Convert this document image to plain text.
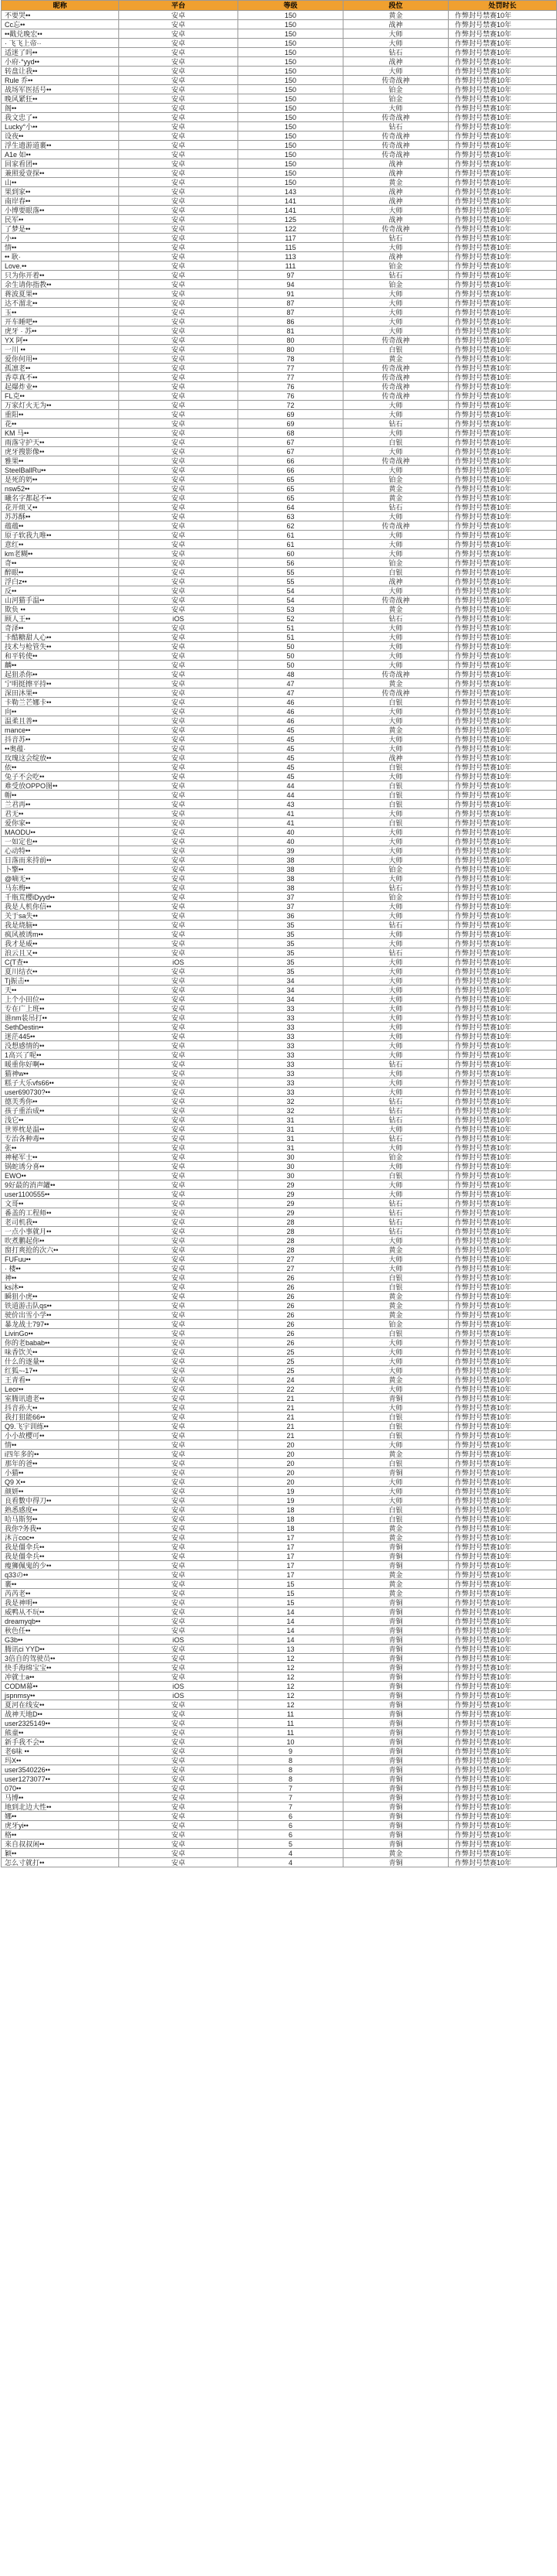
昵称	平台	等级	段位	处罚时长
不要哭••	安卓	150	黄金	作弊封号禁赛10年
Cc忘••	安卓	150	战神	作弊封号禁赛10年
••戳兑晚宏••	安卓	150	大师	作弊封号禁赛10年
· 飞飞上帝··	安卓	150	大师	作弊封号禁赛10年
适迷了吗••	安卓	150	钻石	作弊封号禁赛10年
小府·°yyd••	安卓	150	战神	作弊封号禁赛10年
转盘让我••	安卓	150	大师	作弊封号禁赛10年
Rule 乔••	安卓	150	传奇战神	作弊封号禁赛10年
战场军医括号••	安卓	150	铂金	作弊封号禁赛10年
晚风紧狂••	安卓	150	铂金	作弊封号禁赛10年
阁••	安卓	150	大师	作弊封号禁赛10年
我文忠了••	安卓	150	传奇战神	作弊封号禁赛10年
Lucky°小••	安卓	150	钻石	作弊封号禁赛10年
设夜••	安卓	150	传奇战神	作弊封号禁赛10年
浮生遗游道裹••	安卓	150	传奇战神	作弊封号禁赛10年
A1e 如••	安卓	150	传奇战神	作弊封号禁赛10年
回家看团••	安卓	150	战神	作弊封号禁赛10年
兼照爱壹探••	安卓	150	战神	作弊封号禁赛10年
山••	安卓	150	黄金	作弊封号禁赛10年
果到家••	安卓	143	战神	作弊封号禁赛10年
南岸春••	安卓	141	战神	作弊封号禁赛10年
小博要眼落••	安卓	141	大师	作弊封号禁赛10年
民军••	安卓	125	战神	作弊封号禁赛10年
了梦是••	安卓	122	传奇战神	作弊封号禁赛10年
小••	安卓	117	钻石	作弊封号禁赛10年
情••	安卓	115	大师	作弊封号禁赛10年
•• 耿·	安卓	113	战神	作弊封号禁赛10年
Love.••	安卓	111	铂金	作弊封号禁赛10年
只为你开着••	安卓	97	钻石	作弊封号禁赛10年
余生请你指教••	安卓	94	铂金	作弊封号禁赛10年
蒋波夏果••	安卓	91	大师	作弊封号禁赛10年
达不溜北••	安卓	87	大师	作弊封号禁赛10年
玉••	安卓	87	大师	作弊封号禁赛10年
开车睡吧••	安卓	86	大师	作弊封号禁赛10年
虎牙 · 苏••	安卓	81	大师	作弊封号禁赛10年
YX 阿••	安卓	80	传奇战神	作弊封号禁赛10年
一川 ••	安卓	80	白银	作弊封号禁赛10年
爱你何用••	安卓	78	黄金	作弊封号禁赛10年
孤凛老••	安卓	77	传奇战神	作弊封号禁赛10年
香草真不••	安卓	77	传奇战神	作弊封号禁赛10年
起爆炸业••	安卓	76	传奇战神	作弊封号禁赛10年
FL克••	安卓	76	传奇战神	作弊封号禁赛10年
万家灯火无为••	安卓	72	大师	作弊封号禁赛10年
重阳••	安卓	69	大师	作弊封号禁赛10年
花••	安卓	69	钻石	作弊封号禁赛10年
KM 马••	安卓	68	大师	作弊封号禁赛10年
雨落守护天••	安卓	67	白银	作弊封号禁赛10年
虎牙搜影像••	安卓	67	大师	作弊封号禁赛10年
雅果••	安卓	66	传奇战神	作弊封号禁赛10年
SteelBallRu••	安卓	66	大师	作弊封号禁赛10年
是死的奶••	安卓	65	铂金	作弊封号禁赛10年
nsw52••	安卓	65	黄金	作弊封号禁赛10年
曦名字都起不••	安卓	65	黄金	作弊封号禁赛10年
花开烦又••	安卓	64	钻石	作弊封号禁赛10年
苏苏酥••	安卓	63	大师	作弊封号禁赛10年
蕴蕴••	安卓	62	传奇战神	作弊封号禁赛10年
原子软我九唯••	安卓	61	大师	作弊封号禁赛10年
意红••	安卓	61	大师	作弊封号禁赛10年
km老糊••	安卓	60	大师	作弊封号禁赛10年
奇••	安卓	56	铂金	作弊封号禁赛10年
醉眼••	安卓	55	白银	作弊封号禁赛10年
浮白z••	安卓	55	战神	作弊封号禁赛10年
反••	安卓	54	大师	作弊封号禁赛10年
山河猫手温••	安卓	54	传奇战神	作弊封号禁赛10年
欺负 ••	安卓	53	黄金	作弊封号禁赛10年
顾人王••	iOS	52	钻石	作弊封号禁赛10年
奇泽••	安卓	51	大师	作弊封号禁赛10年
卡酷糖甜人心••	安卓	51	大师	作弊封号禁赛10年
技术与枪管失••	安卓	50	大师	作弊封号禁赛10年
和平转使••	安卓	50	大师	作弊封号禁赛10年
麟••	安卓	50	大师	作弊封号禁赛10年
起狙杀你••	安卓	48	传奇战神	作弊封号禁赛10年
宁明挺擦平持••	安卓	47	黄金	作弊封号禁赛10年
深田沐果••	安卓	47	传奇战神	作弊封号禁赛10年
卡勒兰芒娜卡••	安卓	46	白银	作弊封号禁赛10年
向••	安卓	46	大师	作弊封号禁赛10年
温柔且善••	安卓	46	大师	作弊封号禁赛10年
mance••	安卓	45	黄金	作弊封号禁赛10年
抖音苏••	安卓	45	大师	作弊封号禁赛10年
••奥蕴·	安卓	45	大师	作弊封号禁赛10年
玫瑰这会绽放••	安卓	45	战神	作弊封号禁赛10年
依••	安卓	45	白银	作弊封号禁赛10年
兔子不会吃••	安卓	45	大师	作弊封号禁赛10年
难受放OPPO图••	安卓	44	白银	作弊封号禁赛10年
帽••	安卓	44	白银	作弊封号禁赛10年
兰君再••	安卓	43	白银	作弊封号禁赛10年
君无••	安卓	41	大师	作弊封号禁赛10年
爱你家••	安卓	41	白银	作弊封号禁赛10年
MAODU••	安卓	40	大师	作弊封号禁赛10年
一如定也••	安卓	40	大师	作弊封号禁赛10年
心动特••	安卓	39	大师	作弊封号禁赛10年
日落而来持前••	安卓	38	大师	作弊封号禁赛10年
卜擎••	安卓	38	铂金	作弊封号禁赛10年
@嘀无••	安卓	38	大师	作弊封号禁赛10年
马东梅••	安卓	38	钻石	作弊封号禁赛10年
千瓶荒樱iDyyd••	安卓	37	铂金	作弊封号禁赛10年
我是人机你信••	安卓	37	大师	作弊封号禁赛10年
关于sa失••	安卓	36	大师	作弊封号禁赛10年
我是烧脑••	安卓	35	钻石	作弊封号禁赛10年
疯风被诱m••	安卓	35	大师	作弊封号禁赛10年
我才是威••	安卓	35	大师	作弊封号禁赛10年
浪云且又••	安卓	35	钻石	作弊封号禁赛10年
C{T查••	iOS	35	大师	作弊封号禁赛10年
夏川结衣••	安卓	35	大师	作弊封号禁赛10年
Tj振击••	安卓	34	大师	作弊封号禁赛10年
天••	安卓	34	大师	作弊封号禁赛10年
上个小田位••	安卓	34	大师	作弊封号禁赛10年
专在广上班••	安卓	33	大师	作弊封号禁赛10年
谁nm装吊打••	安卓	33	大师	作弊封号禁赛10年
SethDestin••	安卓	33	大师	作弊封号禁赛10年
迷茫445••	安卓	33	大师	作弊封号禁赛10年
没想感情的••	安卓	33	大师	作弊封号禁赛10年
1高兴了呢••	安卓	33	大师	作弊封号禁赛10年
暖重你好啊••	安卓	33	钻石	作弊封号禁赛10年
猫神w••	安卓	33	大师	作弊封号禁赛10年
糕子大乐vfs66••	安卓	33	大师	作弊封号禁赛10年
user690730?••	安卓	33	大师	作弊封号禁赛10年
德芙秀你••	安卓	32	钻石	作弊封号禁赛10年
孩子重治成••	安卓	32	钻石	作弊封号禁赛10年
浅它••	安卓	31	钻石	作弊封号禁赛10年
世界枕是温••	安卓	31	大师	作弊封号禁赛10年
专治各种毒••	安卓	31	钻石	作弊封号禁赛10年
张••	安卓	31	大师	作弊封号禁赛10年
神秘军士••	安卓	30	铂金	作弊封号禁赛10年
锅蛇诱分喜••	安卓	30	大师	作弊封号禁赛10年
EWO••	安卓	30	白银	作弊封号禁赛10年
9好最的消声罐••	安卓	29	大师	作弊封号禁赛10年
user1100555••	安卓	29	大师	作弊封号禁赛10年
文哥••	安卓	29	钻石	作弊封号禁赛10年
番盖的工程师••	安卓	29	钻石	作弊封号禁赛10年
老司机我••	安卓	28	钻石	作弊封号禁赛10年
一点小事就月••	安卓	28	钻石	作弊封号禁赛10年
吹煮鹏起你••	安卓	28	大师	作弊封号禁赛10年
窗打爽抢的次六••	安卓	28	黄金	作弊封号禁赛10年
FUFuu••	安卓	27	大师	作弊封号禁赛10年
· 楼••	安卓	27	大师	作弊封号禁赛10年
神••	安卓	26	白银	作弊封号禁赛10年
ks沐••	安卓	26	白银	作弊封号禁赛10年
瞬狙小虎••	安卓	26	黄金	作弊封号禁赛10年
铁道游击队qs••	安卓	26	黄金	作弊封号禁赛10年
驶价出雪小学••	安卓	26	黄金	作弊封号禁赛10年
暴龙战士797••	安卓	26	铂金	作弊封号禁赛10年
LivinGo••	安卓	26	白银	作弊封号禁赛10年
你的老babab••	安卓	26	大师	作弊封号禁赛10年
味香饮关••	安卓	25	大师	作弊封号禁赛10年
什么的逐量••	安卓	25	大师	作弊封号禁赛10年
红狐~-17••	安卓	25	大师	作弊封号禁赛10年
王青看••	安卓	24	黄金	作弊封号禁赛10年
Leor••	安卓	22	大师	作弊封号禁赛10年
室腾讯遗老••	安卓	21	青铜	作弊封号禁赛10年
抖音孙大••	安卓	21	大师	作弊封号禁赛10年
我打狙能66••	安卓	21	白银	作弊封号禁赛10年
Q9.飞宇训练••	安卓	21	白银	作弊封号禁赛10年
小小故樱可••	安卓	21	白银	作弊封号禁赛10年
情••	安卓	20	大师	作弊封号禁赛10年
i四年多的••	安卓	20	黄金	作弊封号禁赛10年
那年的爸••	安卓	20	白银	作弊封号禁赛10年
小猫••	安卓	20	青铜	作弊封号禁赛10年
Q9 X••	安卓	20	大师	作弊封号禁赛10年
颜妍••	安卓	19	大师	作弊封号禁赛10年
良看數中得刀••	安卓	19	大师	作弊封号禁赛10年
熟悉感度••	安卓	18	白银	作弊封号禁赛10年
哈马斯努••	安卓	18	白银	作弊封号禁赛10年
我你?务我••	安卓	18	黄金	作弊封号禁赛10年
沐言coc••	安卓	17	黄金	作弊封号禁赛10年
我是僵伞兵••	安卓	17	青铜	作弊封号禁赛10年
我是僵伞兵••	安卓	17	青铜	作弊封号禁赛10年
瘦狮佩鬼的少••	安卓	17	青铜	作弊封号禁赛10年
q33の••	安卓	17	黄金	作弊封号禁赛10年
裹••	安卓	15	黄金	作弊封号禁赛10年
芮芮老••	安卓	15	黄金	作弊封号禁赛10年
我是神明••	安卓	15	青铜	作弊封号禁赛10年
威鸭从不玩••	安卓	14	青铜	作弊封号禁赛10年
dreamyqb••	安卓	14	青铜	作弊封号禁赛10年
秋色任••	安卓	14	青铜	作弊封号禁赛10年
G3b••	iOS	14	青铜	作弊封号禁赛10年
腾讯ci YYD••	安卓	13	青铜	作弊封号禁赛10年
3倍自的驾驶员••	安卓	12	青铜	作弊封号禁赛10年
快手海绵宝宝••	安卓	12	青铜	作弊封号禁赛10年
冲就士a••	安卓	12	青铜	作弊封号禁赛10年
CODM幕••	iOS	12	青铜	作弊封号禁赛10年
jspnmsy••	iOS	12	青铜	作弊封号禁赛10年
夏河在线安••	安卓	12	青铜	作弊封号禁赛10年
战神天地D••	安卓	11	青铜	作弊封号禁赛10年
user2325149••	安卓	11	青铜	作弊封号禁赛10年
熊童••	安卓	11	青铜	作弊封号禁赛10年
新手我不会••	安卓	10	青铜	作弊封号禁赛10年
老6味 ••	安卓	9	青铜	作弊封号禁赛10年
玛X••	安卓	8	青铜	作弊封号禁赛10年
user3540226••	安卓	8	青铜	作弊封号禁赛10年
user1273077••	安卓	8	青铜	作弊封号禁赛10年
070••	安卓	7	青铜	作弊封号禁赛10年
马博••	安卓	7	青铜	作弊封号禁赛10年
地到北边大性••	安卓	7	青铜	作弊封号禁赛10年
娜••	安卓	6	青铜	作弊封号禁赛10年
虎牙yi••	安卓	6	青铜	作弊封号禁赛10年
格••	安卓	6	青铜	作弊封号禁赛10年
来自叔叔闲••	安卓	5	青铜	作弊封号禁赛10年
颖••	安卓	4	黄金	作弊封号禁赛10年
怎么寸就打••	安卓	4	青铜	作弊封号禁赛10年
